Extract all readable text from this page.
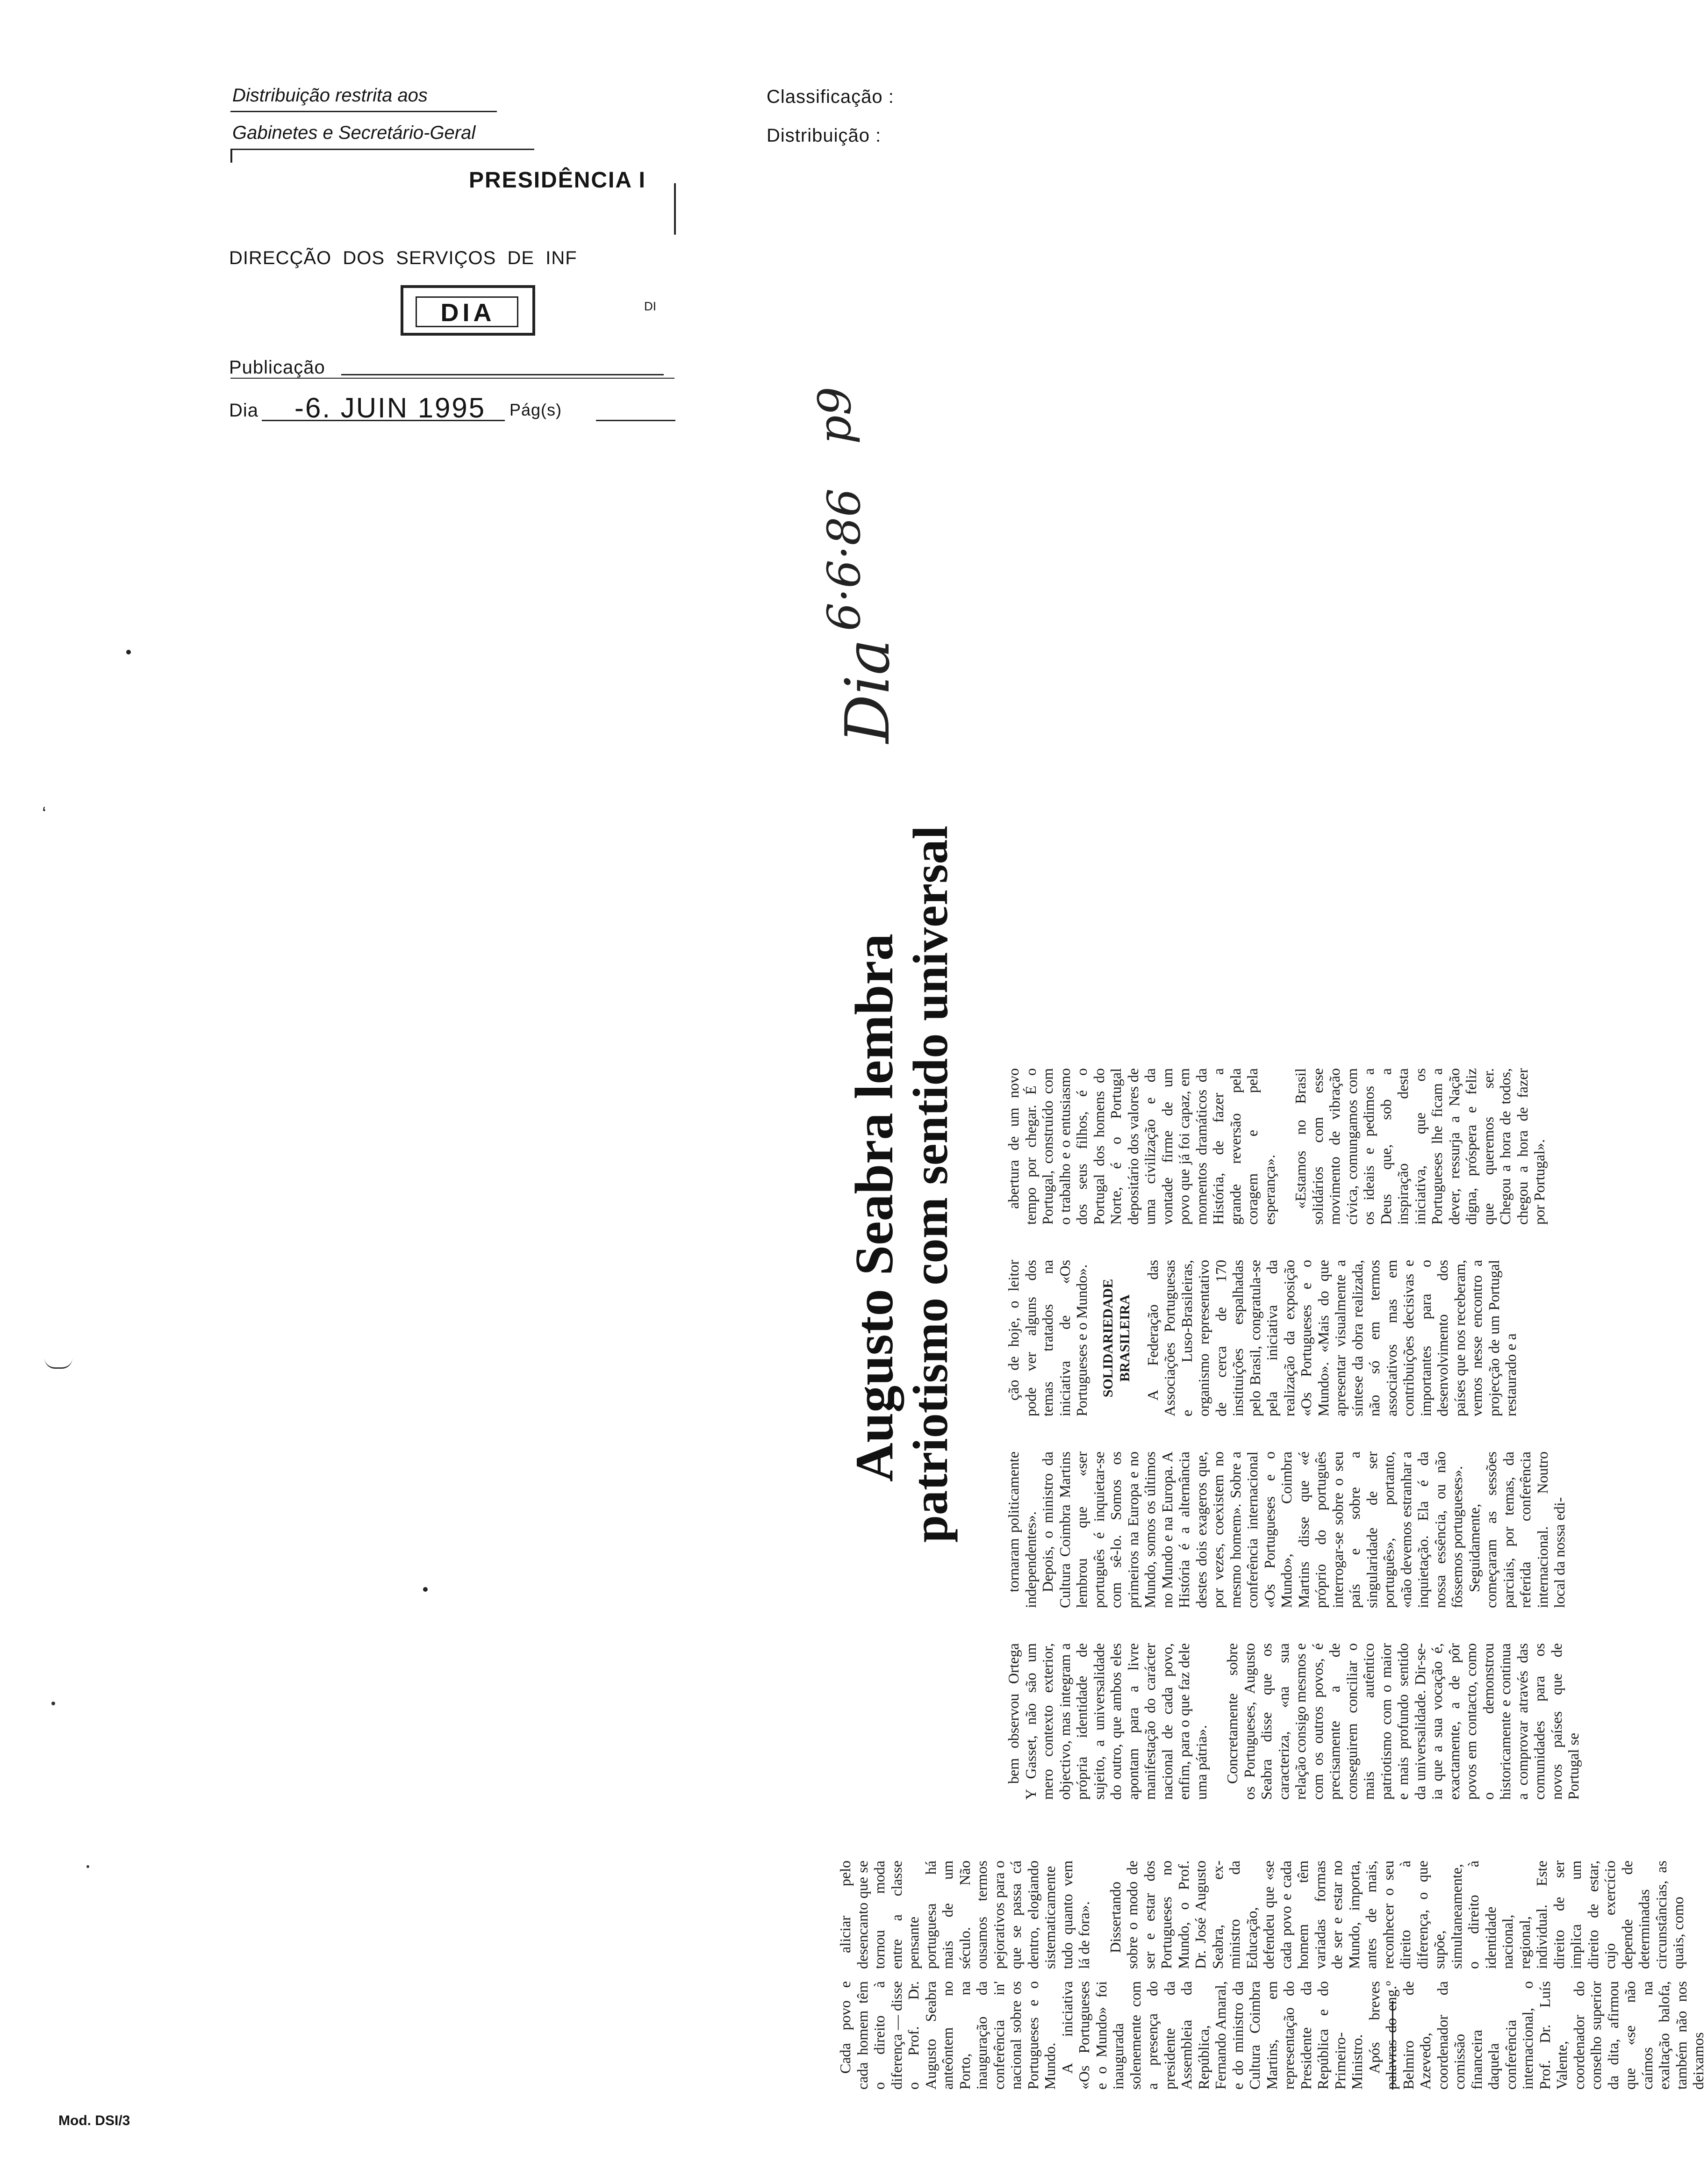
Distribuição restrita aos
Gabinetes e Secretário-Geral
Classificação :
Distribuição :
PRESIDÊNCIA I
DIRECÇÃO  DOS  SERVIÇOS  DE  INF
DI
DIA
Publicação
Dia -6. JUIN 1995 Pág(s)
ʻ
Mod. DSI/3
Augusto Seabra lembra
patriotismo com sentido universal
Dia
6·6·86
p9

Cada povo e cada homem têm o direito à diferença — disse o Prof. Dr. Augusto Seabra anteôntem no Porto, na inauguração da conferência in' nacional sobre os Portugueses e o Mundo. A iniciativa «Os Portugueses e o Mundo» foi inaugurada solenemente com a presença do presidente da Assembleia da República, Fernando Amaral, e do ministro da Cultura Coimbra Martins, em representação do Presidente da República e do Primeiro-Ministro. Após breves palavras do eng.º Belmiro de Azevedo, coordenador da comissão financeira daquela conferência internacional, o Prof. Dr. Luís Valente, coordenador do conselho superior da dita, afirmou que «se não caímos na exaltação balofa, também não nos deixamos

aliciar pelo desencanto que se tornou moda entre a classe pensante portuguesa há mais de um século. Não ousamos termos pejorativos para o que se passa cá dentro, elogiando sistematicamente tudo quanto vem lá de fora». Dissertando sobre o modo de ser e estar dos Portugueses no Mundo, o Prof. Dr. José Augusto Seabra, ex-ministro da Educação, defendeu que «se cada povo e cada homem têm variadas formas de ser e estar no Mundo, importa, antes de mais, reconhecer o seu direito à diferença, o que supõe, simultaneamente, o direito à identidade nacional, regional, individual. Este direito de ser implica um direito de estar, cujo exercício depende de determinadas circunstâncias, as quais, como

bem observou Ortega Y Gasset, não são um mero contexto exterior, objectivo, mas integram a própria identidade de sujeito, a universalidade do outro, que ambos eles apontam para a livre manifestação do carácter nacional de cada povo, enfim, para o que faz dele uma pátria». Concretamente sobre os Portugueses, Augusto Seabra disse que os caracteriza, «na sua relação consigo mesmos e com os outros povos, é precisamente a de conseguirem conciliar o mais autêntico patriotismo com o maior e mais profundo sentido da universalidade. Dir-se-ia que a sua vocação é, exactamente, a de pôr povos em contacto, como o demonstrou historicamente e continua a comprovar através das comunidades para os novos países que de Portugal se

tornaram politicamente independentes». Depois, o ministro da Cultura Coimbra Martins lembrou que «ser português é inquietar-se com sê-lo. Somos os primeiros na Europa e no Mundo, somos os últimos no Mundo e na Europa. A História é a alternância destes dois exageros que, por vezes, coexistem no mesmo homem». Sobre a conferência internacional «Os Portugueses e o Mundo», Coimbra Martins disse que «é próprio do português interrogar-se sobre o seu país e sobre a singularidade de ser português», portanto, «não devemos estranhar a inquietação. Ela é da nossa essência, ou não fôssemos portugueses». Seguidamente, começaram as sessões parciais, por temas, da referida conferência internacional. Noutro local da nossa edi-

ção de hoje, o leitor pode ver alguns dos temas tratados na iniciativa de «Os Portugueses e o Mundo». SOLIDARIEDADE BRASILEIRA A Federação das Associações Portuguesas e Luso-Brasileiras, organismo representativo de cerca de 170 instituições espalhadas pelo Brasil, congratula-se pela iniciativa da realização da exposição «Os Portugueses e o Mundo». «Mais do que apresentar visualmente a síntese da obra realizada, não só em termos associativos mas em contribuições decisivas e importantes para o desenvolvimento dos países que nos receberam, vemos nesse encontro a projecção de um Portugal restaurado e a

abertura de um novo tempo por chegar. É o Portugal, construído com o trabalho e o entusiasmo dos seus filhos, é o Portugal dos homens do Norte, é o Portugal depositário dos valores de uma civilização e da vontade firme de um povo que já foi capaz, em momentos dramáticos da História, de fazer a grande reversão pela coragem e pela esperança». «Estamos no Brasil solidários com esse movimento de vibração cívica, comungamos com os ideais e pedimos a Deus que, sob a inspiração desta iniciativa, que os Portugueses lhe ficam a dever, ressurja a Nação digna, próspera e feliz que queremos ser. Chegou a hora de todos, chegou a hora de fazer por Portugal».
